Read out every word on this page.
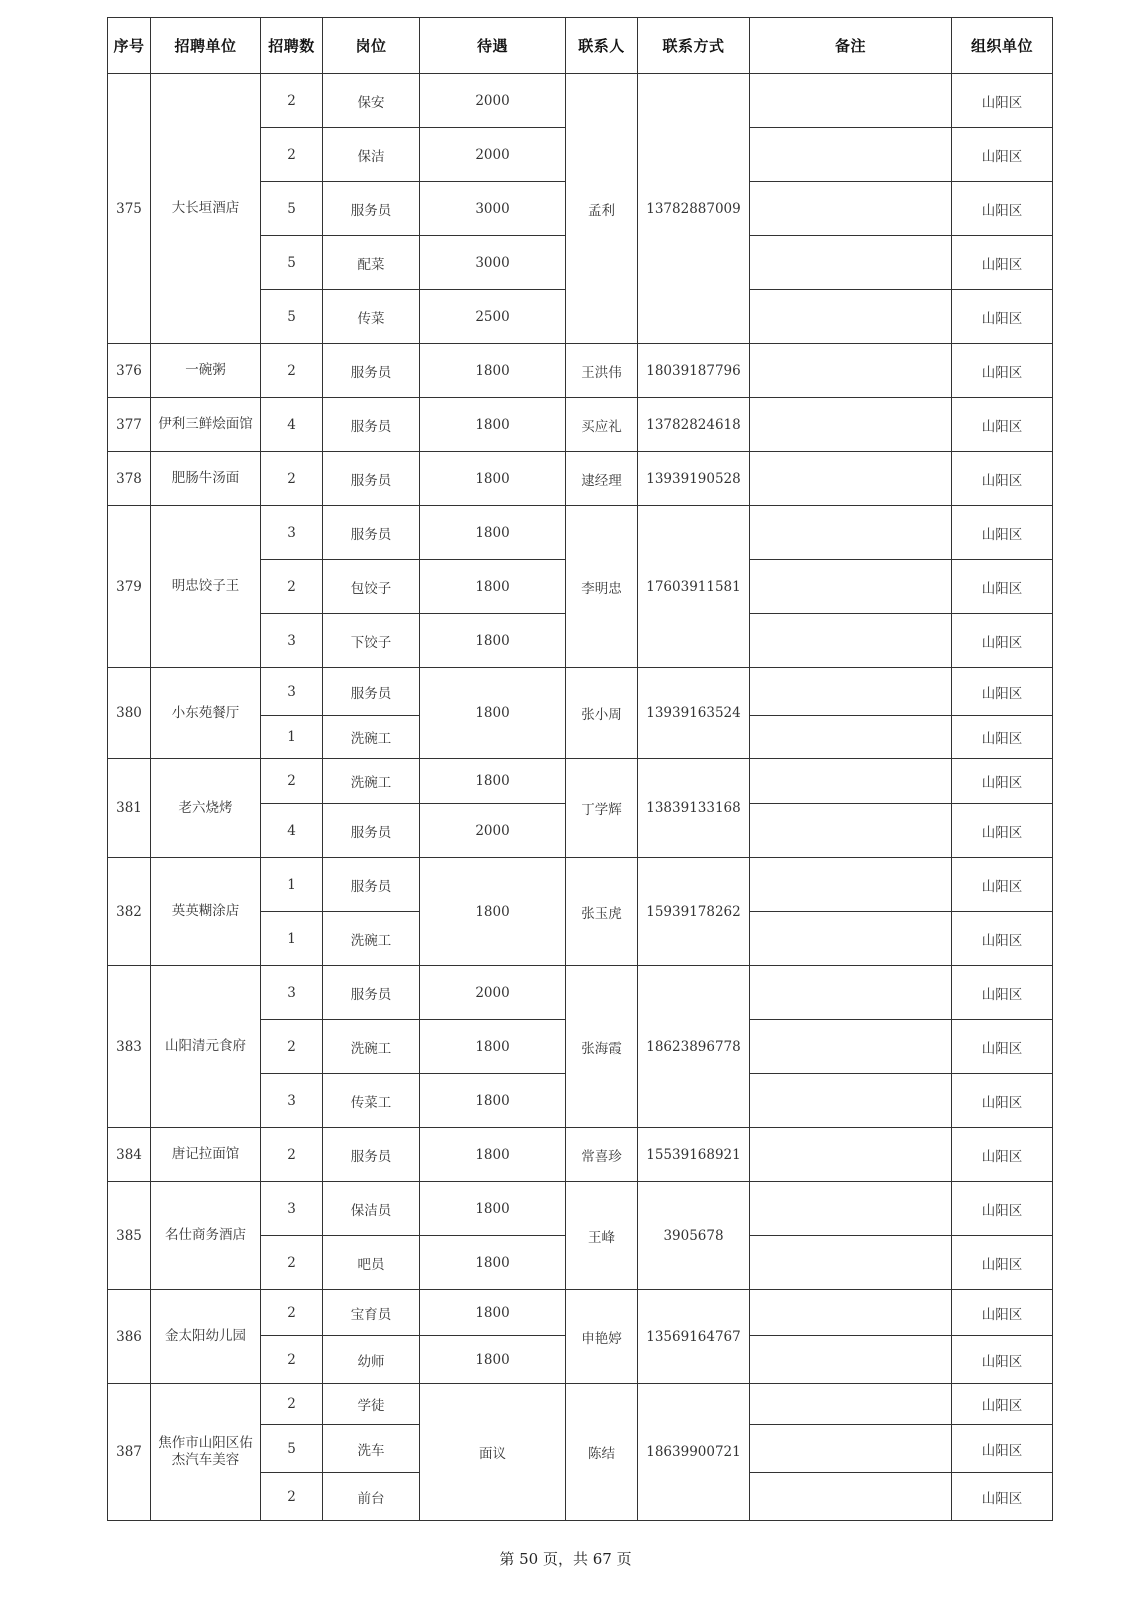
序号	招聘单位	招聘数	岗位	待遇	联系人	联系方式	备注	组织单位
375	大长垣酒店	2	保安	2000	孟利	13782887009		山阳区
		2	保洁	2000				山阳区
		5	服务员	3000				山阳区
		5	配菜	3000				山阳区
		5	传菜	2500				山阳区
376	一碗粥	2	服务员	1800	王洪伟	18039187796		山阳区
377	伊利三鲜烩面馆	4	服务员	1800	买应礼	13782824618		山阳区
378	肥肠牛汤面	2	服务员	1800	逮经理	13939190528		山阳区
379	明忠饺子王	3	服务员	1800	李明忠	17603911581		山阳区
		2	包饺子	1800				山阳区
		3	下饺子	1800				山阳区
380	小东苑餐厅	3	服务员	1800	张小周	13939163524		山阳区
		1	洗碗工					山阳区
381	老六烧烤	2	洗碗工	1800	丁学辉	13839133168		山阳区
		4	服务员	2000				山阳区
382	英英糊涂店	1	服务员	1800	张玉虎	15939178262		山阳区
		1	洗碗工					山阳区
383	山阳清元食府	3	服务员	2000	张海霞	18623896778		山阳区
		2	洗碗工	1800				山阳区
		3	传菜工	1800				山阳区
384	唐记拉面馆	2	服务员	1800	常喜珍	15539168921		山阳区
385	名仕商务酒店	3	保洁员	1800	王峰	3905678		山阳区
		2	吧员	1800				山阳区
386	金太阳幼儿园	2	宝育员	1800	申艳婷	13569164767		山阳区
		2	幼师	1800				山阳区
387	焦作市山阳区佑杰汽车美容	2	学徒	面议	陈结	18639900721		山阳区
		5	洗车					山阳区
		2	前台					山阳区
第 50 页，共 67 页
